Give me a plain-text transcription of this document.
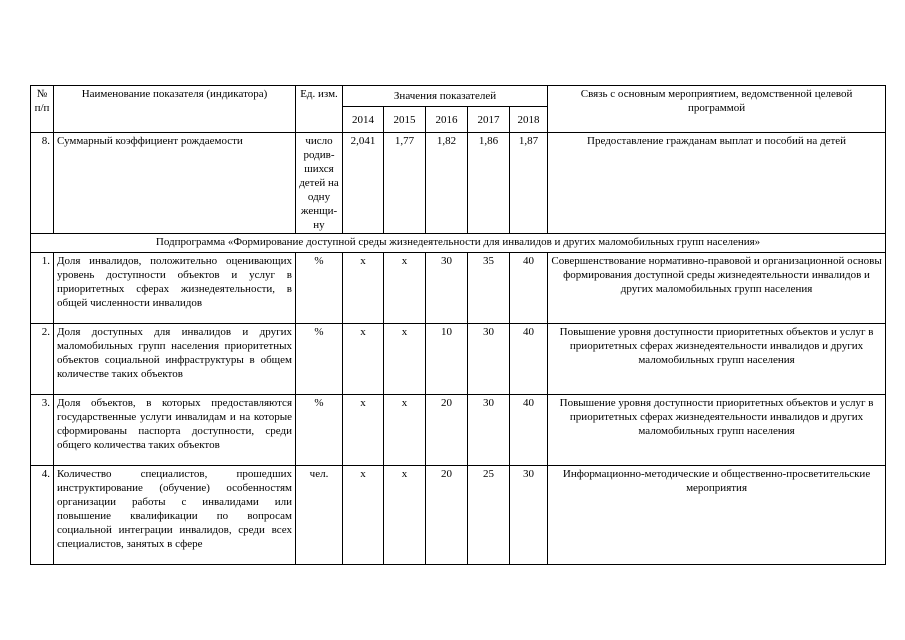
№ п/п	Наименование показателя (индикатора)	Ед. изм.	Значения показателей					Связь с основным мероприятием, ведомственной целевой программой
			2014	2015	2016	2017	2018	
8.	Суммарный коэффициент рождаемости	число родив-шихся детей на одну женщи-ну	2,041	1,77	1,82	1,86	1,87	Предоставление гражданам выплат и пособий на детей
Подпрограмма «Формирование доступной среды жизнедеятельности для инвалидов и других маломобильных групп населения»								
1.	Доля инвалидов, положительно оценивающих уровень доступности объектов и услуг в приоритетных сферах жизнедеятельности, в общей численности инвалидов	%	х	х	30	35	40	Совершенствование нормативно-правовой и организационной основы формирования доступной среды жизнедеятельности инвалидов и других маломобильных групп населения
2.	Доля доступных для инвалидов и других маломобильных групп населения приоритетных объектов социальной инфраструктуры в общем количестве таких объектов	%	х	х	10	30	40	Повышение уровня доступности приоритетных объектов и услуг в приоритетных сферах жизнедеятельности инвалидов и других маломобильных групп населения
3.	Доля объектов, в которых предоставляются государственные услуги инвалидам и на которые сформированы паспорта доступности, среди общего количества таких объектов	%	х	х	20	30	40	Повышение уровня доступности приоритетных объектов и услуг в приоритетных сферах жизнедеятельности инвалидов и других маломобильных групп населения
4.	Количество специалистов, прошедших инструктирование (обучение) особенностям организации работы с инвалидами или повышение квалификации по вопросам социальной интеграции инвалидов, среди всех специалистов, занятых в сфере	чел.	х	х	20	25	30	Информационно-методические и общественно-просветительские мероприятия
